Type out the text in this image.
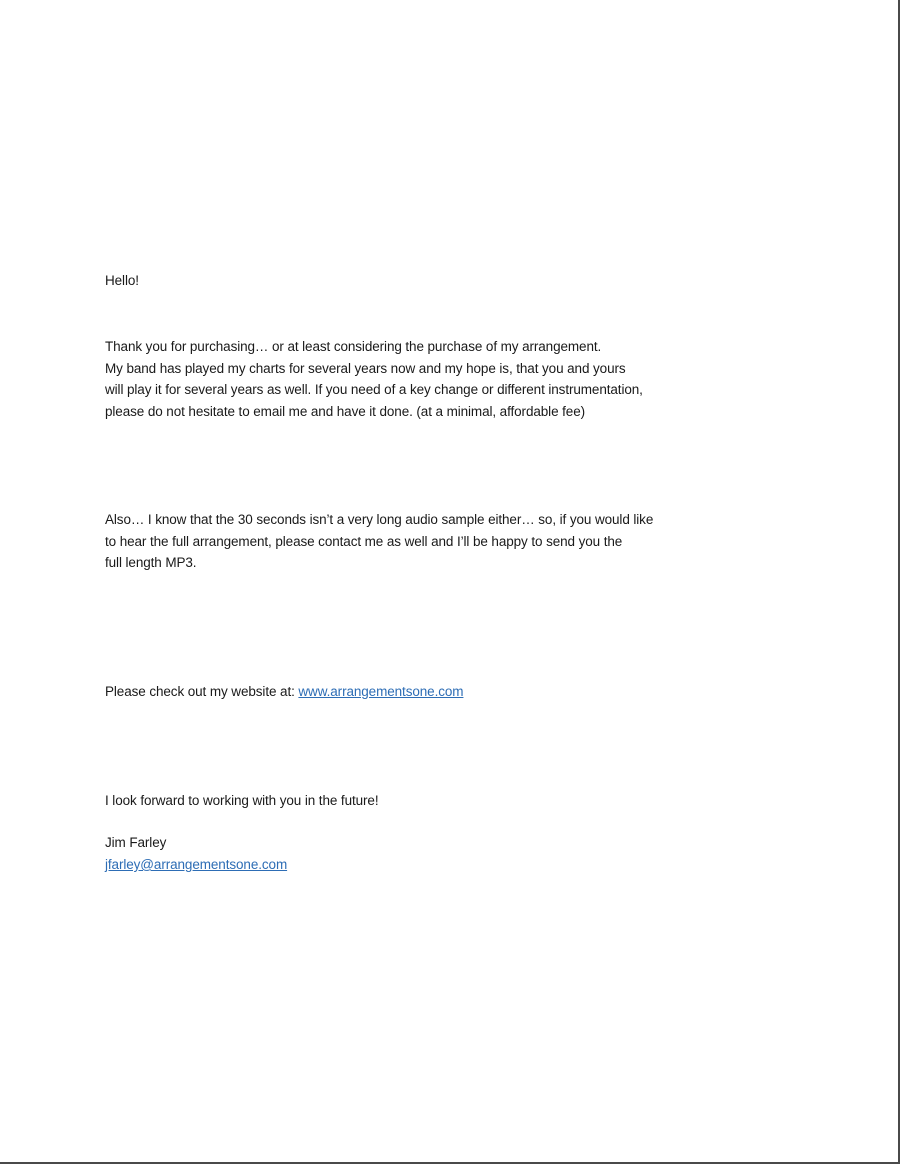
Hello!

Thank you for purchasing… or at least considering the purchase of my arrangement.
My band has played my charts for several years now and my hope is, that you and yours
will play it for several years as well. If you need of a key change or different instrumentation,
please do not hesitate to email me and have it done. (at a minimal, affordable fee)
Also… I know that the 30 seconds isn’t a very long audio sample either… so, if you would like
to hear the full arrangement, please contact me as well and I’ll be happy to send you the
full length MP3.

Please check out my website at: www.arrangementsone.com

I look forward to working with you in the future!

Jim Farley

jfarley@arrangementsone.com
